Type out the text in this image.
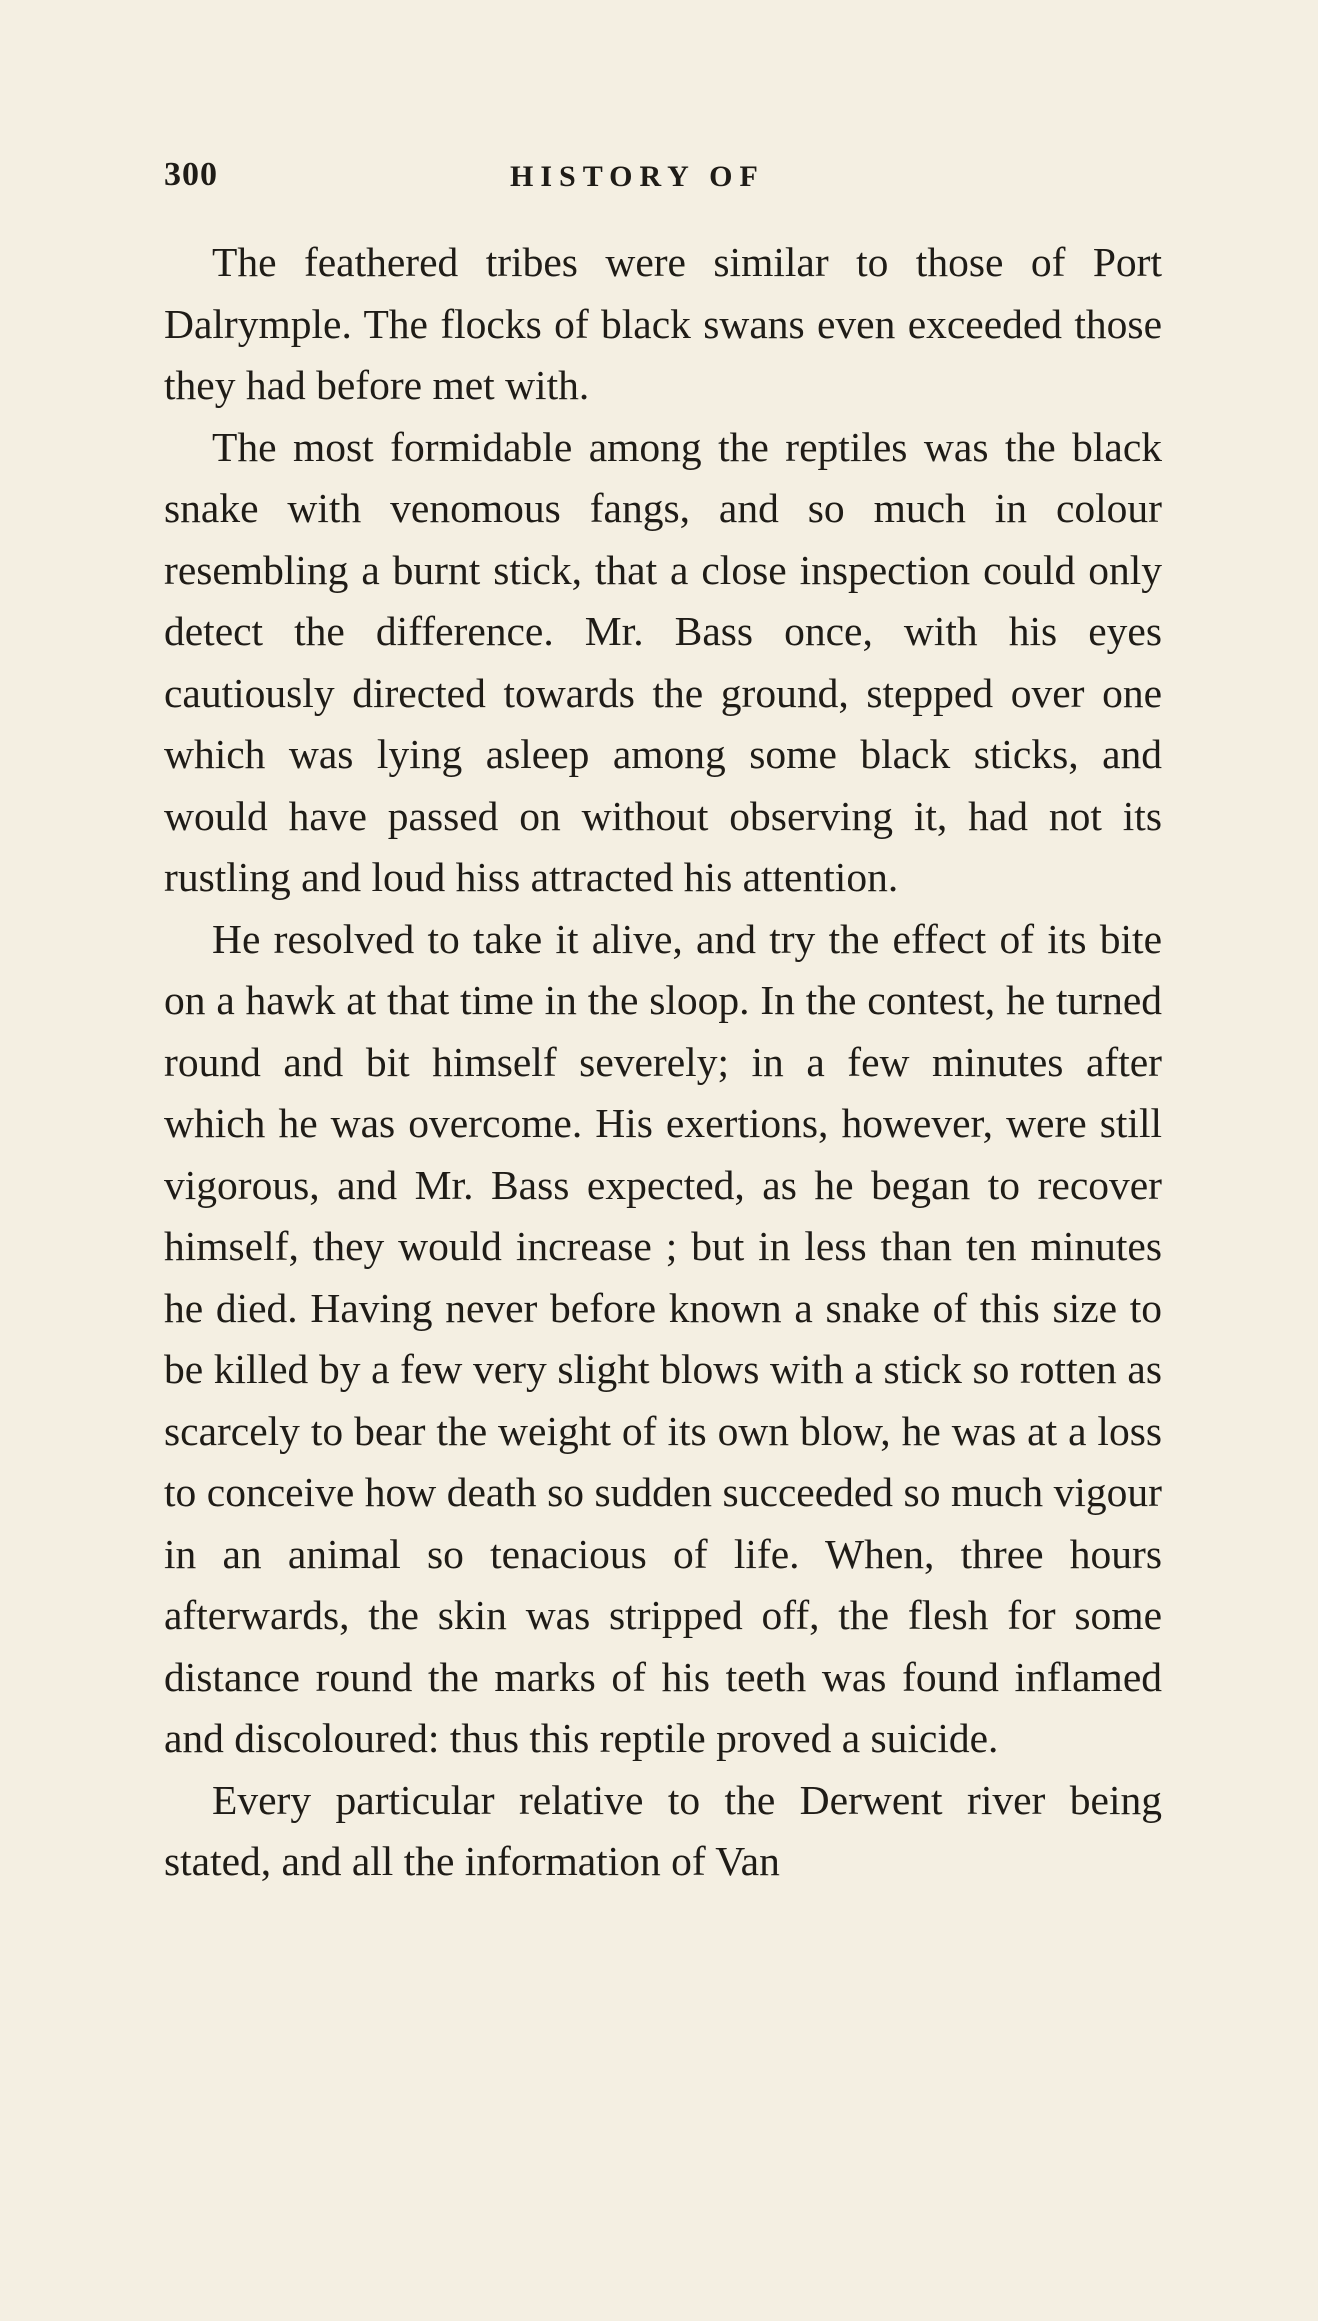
300	HISTORY OF

The feathered tribes were similar to those of Port Dalrymple. The flocks of black swans even exceeded those they had before met with.

The most formidable among the reptiles was the black snake with venomous fangs, and so much in colour resembling a burnt stick, that a close inspection could only detect the difference. Mr. Bass once, with his eyes cautiously directed towards the ground, stepped over one which was lying asleep among some black sticks, and would have passed on without observing it, had not its rustling and loud hiss attracted his attention.

He resolved to take it alive, and try the effect of its bite on a hawk at that time in the sloop. In the contest, he turned round and bit himself severely; in a few minutes after which he was overcome. His exertions, however, were still vigorous, and Mr. Bass expected, as he began to recover himself, they would increase ; but in less than ten minutes he died. Having never before known a snake of this size to be killed by a few very slight blows with a stick so rotten as scarcely to bear the weight of its own blow, he was at a loss to conceive how death so sudden succeeded so much vigour in an animal so tenacious of life. When, three hours afterwards, the skin was stripped off, the flesh for some distance round the marks of his teeth was found inflamed and discoloured: thus this reptile proved a suicide.

Every particular relative to the Derwent river being stated, and all the information of Van
